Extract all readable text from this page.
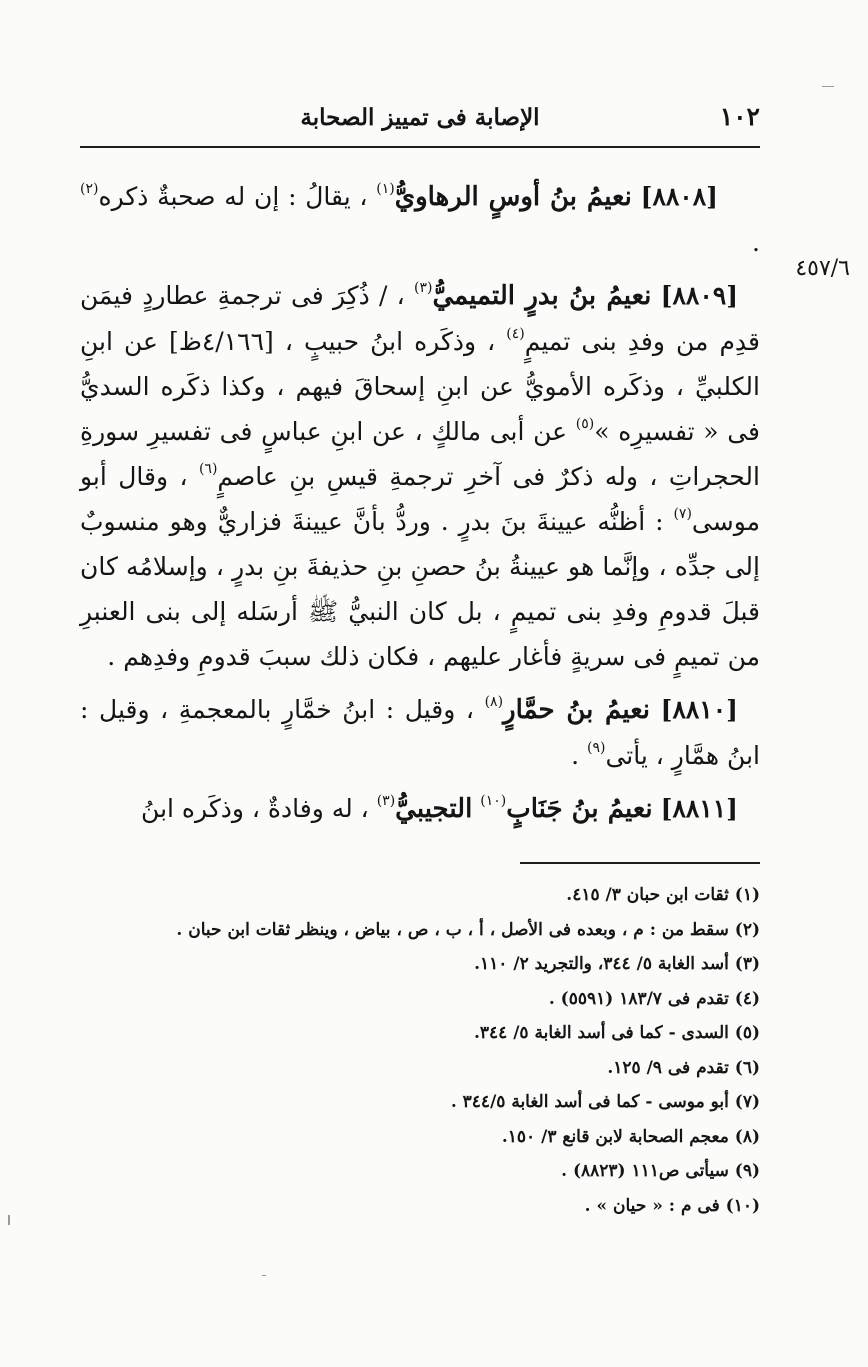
١٠٢
الإصابة فى تمييز الصحابة
٤٥٧/٦

[٨٨٠٨] نعيمُ بنُ أوسٍ الرهاويُّ$^{(١)}$ ، يقالُ : إن له صحبةٌ ذكره$^{(٢)}$ .

[٨٨٠٩] نعيمُ بنُ بدرٍ التميميُّ$^{(٣)}$ ، / ذُكِرَ فى ترجمةِ عطاردٍ فيمَن قدِم من وفدِ بنى تميمٍ$^{(٤)}$ ، وذكَره ابنُ حبيبٍ ، [٤/١٦٦ظ] عن ابنِ الكلبيِّ ، وذكَره الأمويُّ عن ابنِ إسحاقَ فيهم ، وكذا ذكَره السديُّ فى « تفسيرِه »$^{(٥)}$ عن أبى مالكٍ ، عن ابنِ عباسٍ فى تفسيرِ سورةِ الحجراتِ ، وله ذكرٌ فى آخرِ ترجمةِ قيسِ بنِ عاصمٍ$^{(٦)}$ ، وقال أبو موسى$^{(٧)}$ : أظنُّه عيينةَ بنَ بدرٍ . وردُّ بأنَّ عيينةَ فزاريٌّ وهو منسوبٌ إلى جدِّه ، وإنَّما هو عيينةُ بنُ حصنِ بنِ حذيفةَ بنِ بدرٍ ، وإسلامُه كان قبلَ قدومِ وفدِ بنى تميمٍ ، بل كان النبيُّ ﷺ أرسَله إلى بنى العنبرِ من تميمٍ فى سريةٍ فأغار عليهم ، فكان ذلك سببَ قدومِ وفدِهم .

[٨٨١٠] نعيمُ بنُ حمَّارٍ$^{(٨)}$ ، وقيل : ابنُ خمَّارٍ بالمعجمةِ ، وقيل : ابنُ همَّارٍ ، يأتى$^{(٩)}$ .

[٨٨١١] نعيمُ بنُ جَنَابٍ$^{(١٠)}$ التجيبيُّ$^{(٣)}$ ، له وفادةٌ ، وذكَره ابنُ

(١) ثقات ابن حبان ٣/ ٤١٥.
(٢) سقط من : م ، وبعده فى الأصل ، أ ، ب ، ص ، بياض ، وينظر ثقات ابن حبان .
(٣) أسد الغابة ٥/ ٣٤٤، والتجريد ٢/ ١١٠.
(٤) تقدم فى ١٨٣/٧ (٥٥٩١) .
(٥) السدى - كما فى أسد الغابة ٥/ ٣٤٤.
(٦) تقدم فى ٩/ ١٢٥.
(٧) أبو موسى - كما فى أسد الغابة ٣٤٤/٥ .
(٨) معجم الصحابة لابن قانع ٣/ ١٥٠.
(٩) سيأتى ص١١١ (٨٨٢٣) .
(١٠) فى م : « حيان » .
